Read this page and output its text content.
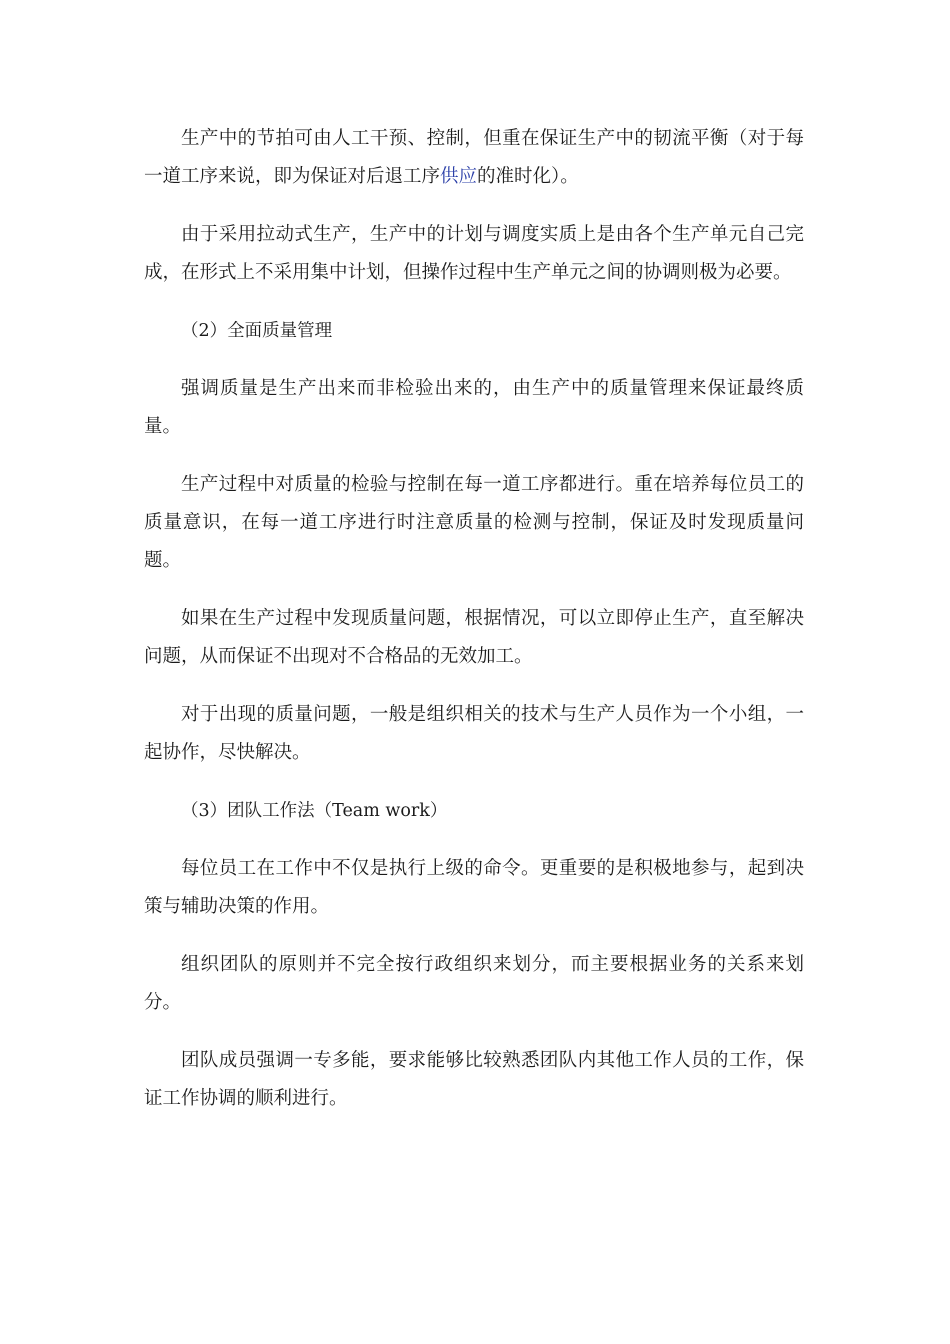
生产中的节拍可由人工干预、控制，但重在保证生产中的韧流平衡（对于每一道工序来说，即为保证对后退工序供应的准时化）。

由于采用拉动式生产，生产中的计划与调度实质上是由各个生产单元自己完成，在形式上不采用集中计划，但操作过程中生产单元之间的协调则极为必要。

（2）全面质量管理

强调质量是生产出来而非检验出来的，由生产中的质量管理来保证最终质量。

生产过程中对质量的检验与控制在每一道工序都进行。重在培养每位员工的质量意识，在每一道工序进行时注意质量的检测与控制，保证及时发现质量问题。

如果在生产过程中发现质量问题，根据情况，可以立即停止生产，直至解决问题，从而保证不出现对不合格品的无效加工。

对于出现的质量问题，一般是组织相关的技术与生产人员作为一个小组，一起协作，尽快解决。

（3）团队工作法（Team work）

每位员工在工作中不仅是执行上级的命令。更重要的是积极地参与，起到决策与辅助决策的作用。

组织团队的原则并不完全按行政组织来划分，而主要根据业务的关系来划分。

团队成员强调一专多能，要求能够比较熟悉团队内其他工作人员的工作，保证工作协调的顺利进行。
